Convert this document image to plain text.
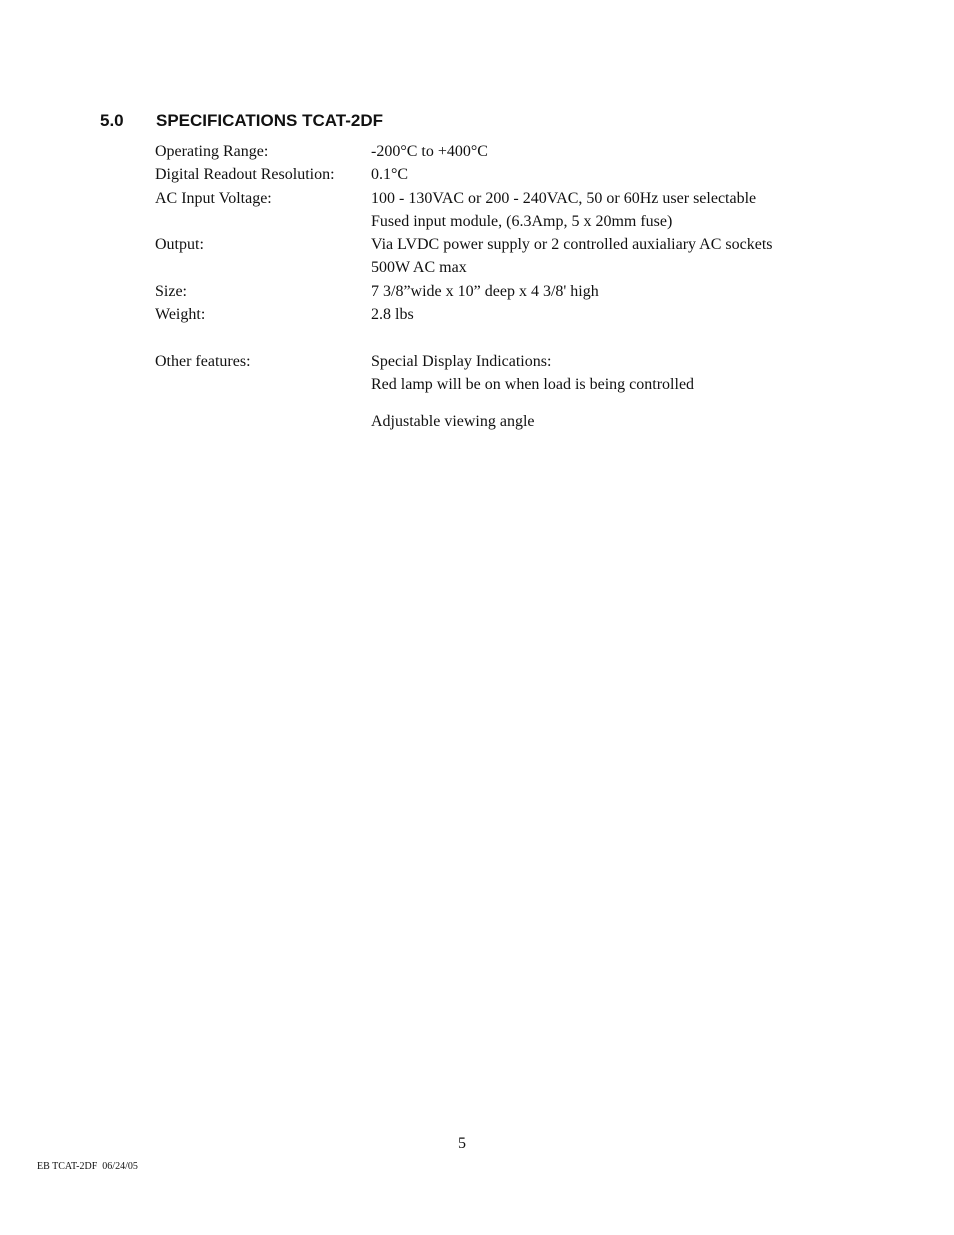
5.0 SPECIFICATIONS TCAT-2DF
Operating Range:	-200°C to +400°C
Digital Readout Resolution:	0.1°C
AC Input Voltage:	100 - 130VAC or 200 - 240VAC, 50 or 60Hz user selectable
Fused input module, (6.3Amp, 5 x 20mm fuse)
Output:	Via LVDC power supply or 2 controlled auxialiary AC sockets
500W AC max
Size:	7 3/8”wide x 10” deep x 4 3/8' high
Weight:	2.8 lbs
Other features:	Special Display Indications:
Red lamp will be on when load is being controlled
Adjustable viewing angle
5
EB TCAT-2DF  06/24/05
